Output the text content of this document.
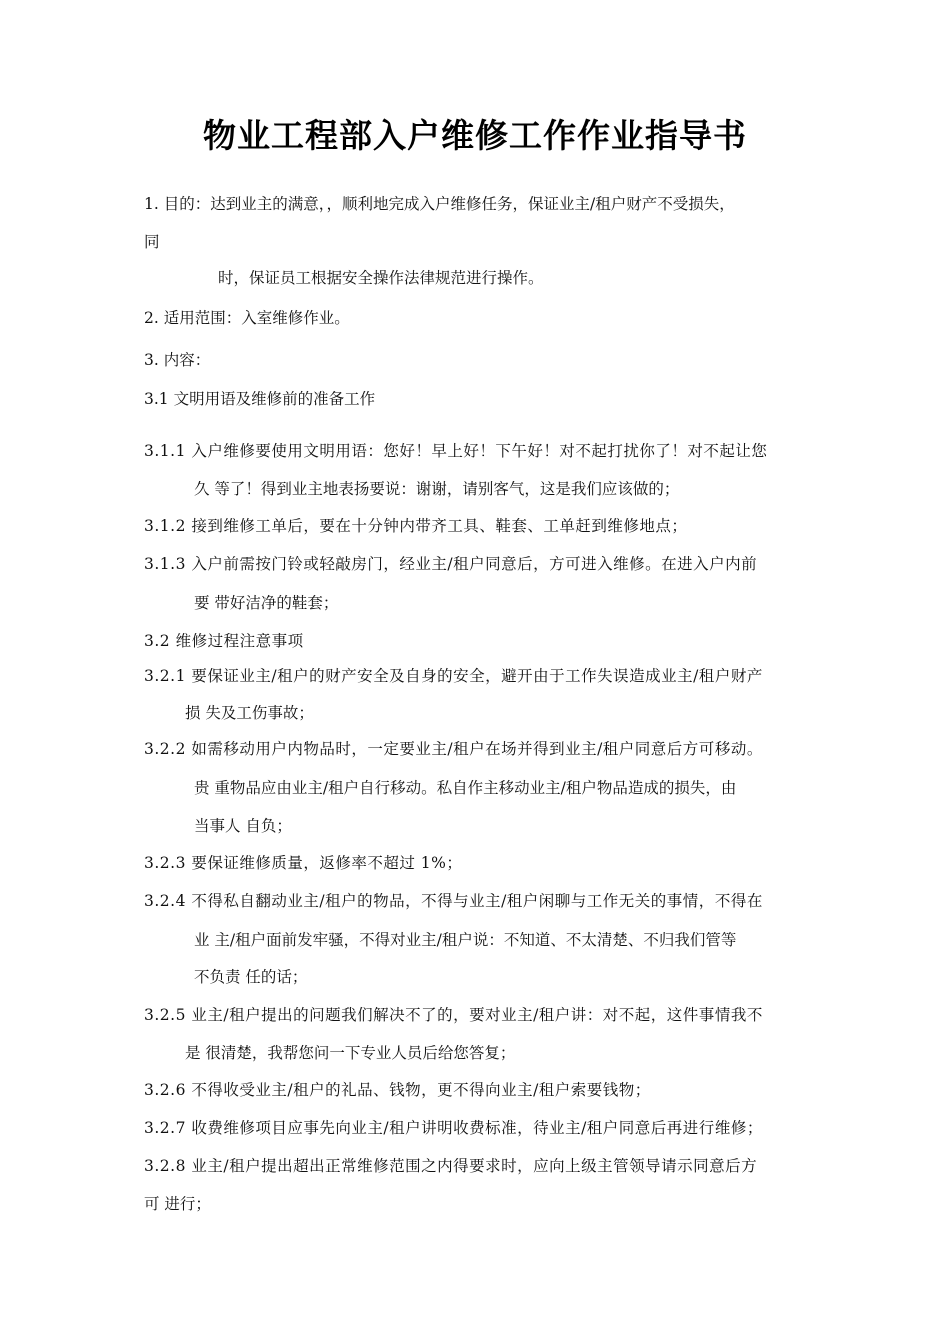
物业工程部入户维修工作作业指导书
1. 目的：达到业主的满意，，顺利地完成入户维修任务，保证业主/租户财产不受损失，
同
时，保证员工根据安全操作法律规范进行操作。
2. 适用范围：入室维修作业。
3. 内容：
3.1 文明用语及维修前的准备工作
3.1.1 入户维修要使用文明用语：您好！早上好！下午好！对不起打扰你了！对不起让您
久 等了！得到业主地表扬要说：谢谢，请别客气，这是我们应该做的；
3.1.2 接到维修工单后，要在十分钟内带齐工具、鞋套、工单赶到维修地点；
3.1.3 入户前需按门铃或轻敲房门，经业主/租户同意后，方可进入维修。在进入户内前
要 带好洁净的鞋套；
3.2 维修过程注意事项
3.2.1 要保证业主/租户的财产安全及自身的安全，避开由于工作失误造成业主/租户财产
损 失及工伤事故；
3.2.2 如需移动用户内物品时，一定要业主/租户在场并得到业主/租户同意后方可移动。
贵 重物品应由业主/租户自行移动。私自作主移动业主/租户物品造成的损失，由
当事人 自负；
3.2.3 要保证维修质量，返修率不超过 1%；
3.2.4 不得私自翻动业主/租户的物品，不得与业主/租户闲聊与工作无关的事情，不得在
业 主/租户面前发牢骚，不得对业主/租户说：不知道、不太清楚、不归我们管等
不负责 任的话；
3.2.5 业主/租户提出的问题我们解决不了的，要对业主/租户讲：对不起，这件事情我不
是 很清楚，我帮您问一下专业人员后给您答复；
3.2.6 不得收受业主/租户的礼品、钱物，更不得向业主/租户索要钱物；
3.2.7 收费维修项目应事先向业主/租户讲明收费标准，待业主/租户同意后再进行维修；
3.2.8 业主/租户提出超出正常维修范围之内得要求时，应向上级主管领导请示同意后方
可 进行；
